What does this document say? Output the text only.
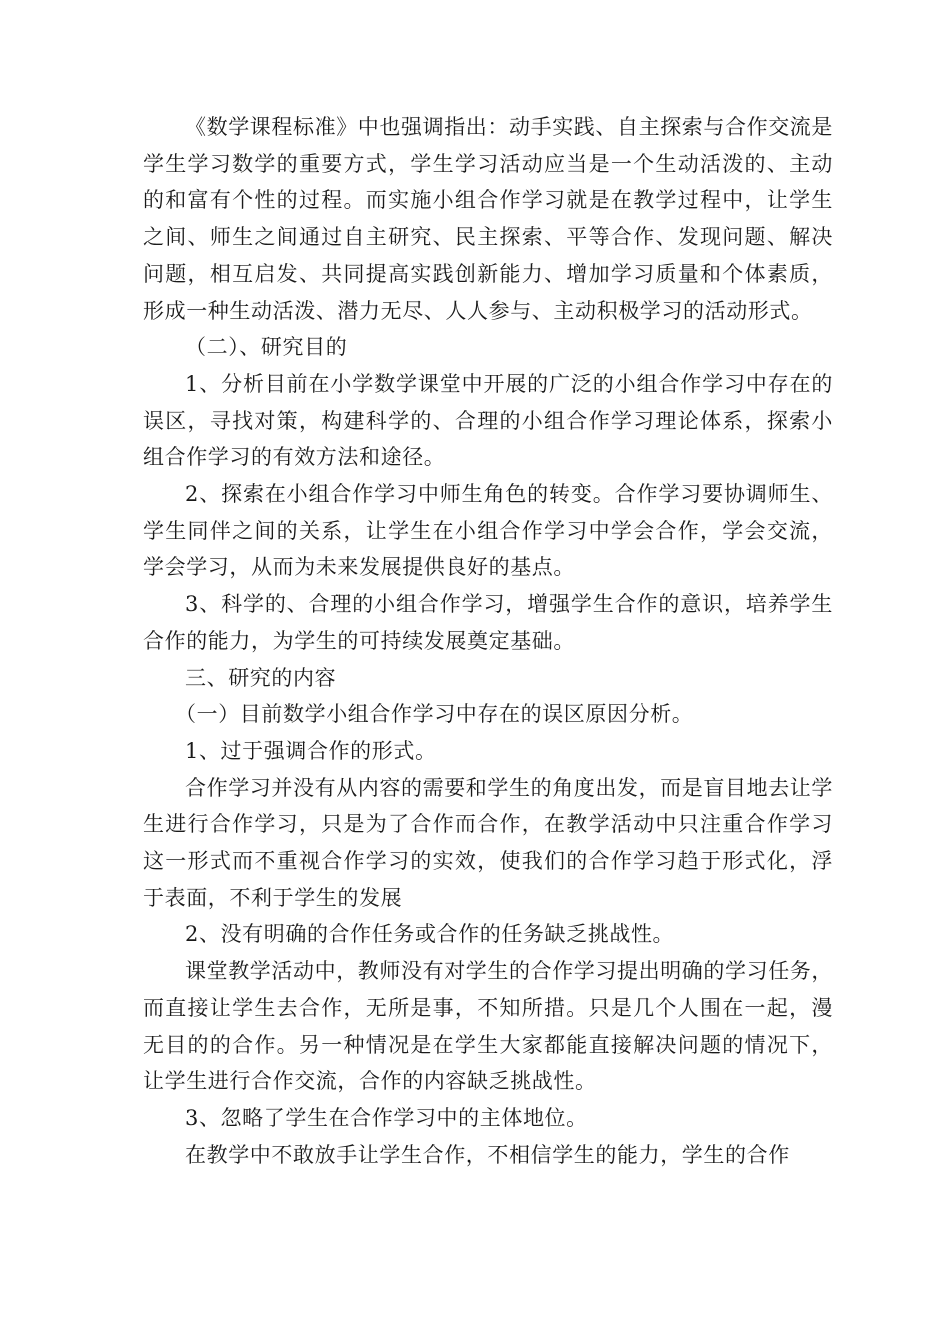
《数学课程标准》中也强调指出：动手实践、自主探索与合作交流是学生学习数学的重要方式，学生学习活动应当是一个生动活泼的、主动的和富有个性的过程。而实施小组合作学习就是在教学过程中，让学生之间、师生之间通过自主研究、民主探索、平等合作、发现问题、解决问题，相互启发、共同提高实践创新能力、增加学习质量和个体素质，形成一种生动活泼、潜力无尽、人人参与、主动积极学习的活动形式。

（二）、研究目的

1、分析目前在小学数学课堂中开展的广泛的小组合作学习中存在的误区，寻找对策，构建科学的、合理的小组合作学习理论体系，探索小组合作学习的有效方法和途径。

2、探索在小组合作学习中师生角色的转变。合作学习要协调师生、学生同伴之间的关系，让学生在小组合作学习中学会合作，学会交流，学会学习，从而为未来发展提供良好的基点。

3、科学的、合理的小组合作学习，增强学生合作的意识，培养学生合作的能力，为学生的可持续发展奠定基础。

三、研究的内容

（一）目前数学小组合作学习中存在的误区原因分析。

1、过于强调合作的形式。

合作学习并没有从内容的需要和学生的角度出发，而是盲目地去让学生进行合作学习，只是为了合作而合作，在教学活动中只注重合作学习这一形式而不重视合作学习的实效，使我们的合作学习趋于形式化，浮于表面，不利于学生的发展

2、没有明确的合作任务或合作的任务缺乏挑战性。

课堂教学活动中，教师没有对学生的合作学习提出明确的学习任务，而直接让学生去合作，无所是事，不知所措。只是几个人围在一起，漫无目的的合作。另一种情况是在学生大家都能直接解决问题的情况下，让学生进行合作交流，合作的内容缺乏挑战性。

3、忽略了学生在合作学习中的主体地位。

在教学中不敢放手让学生合作，不相信学生的能力，学生的合作
